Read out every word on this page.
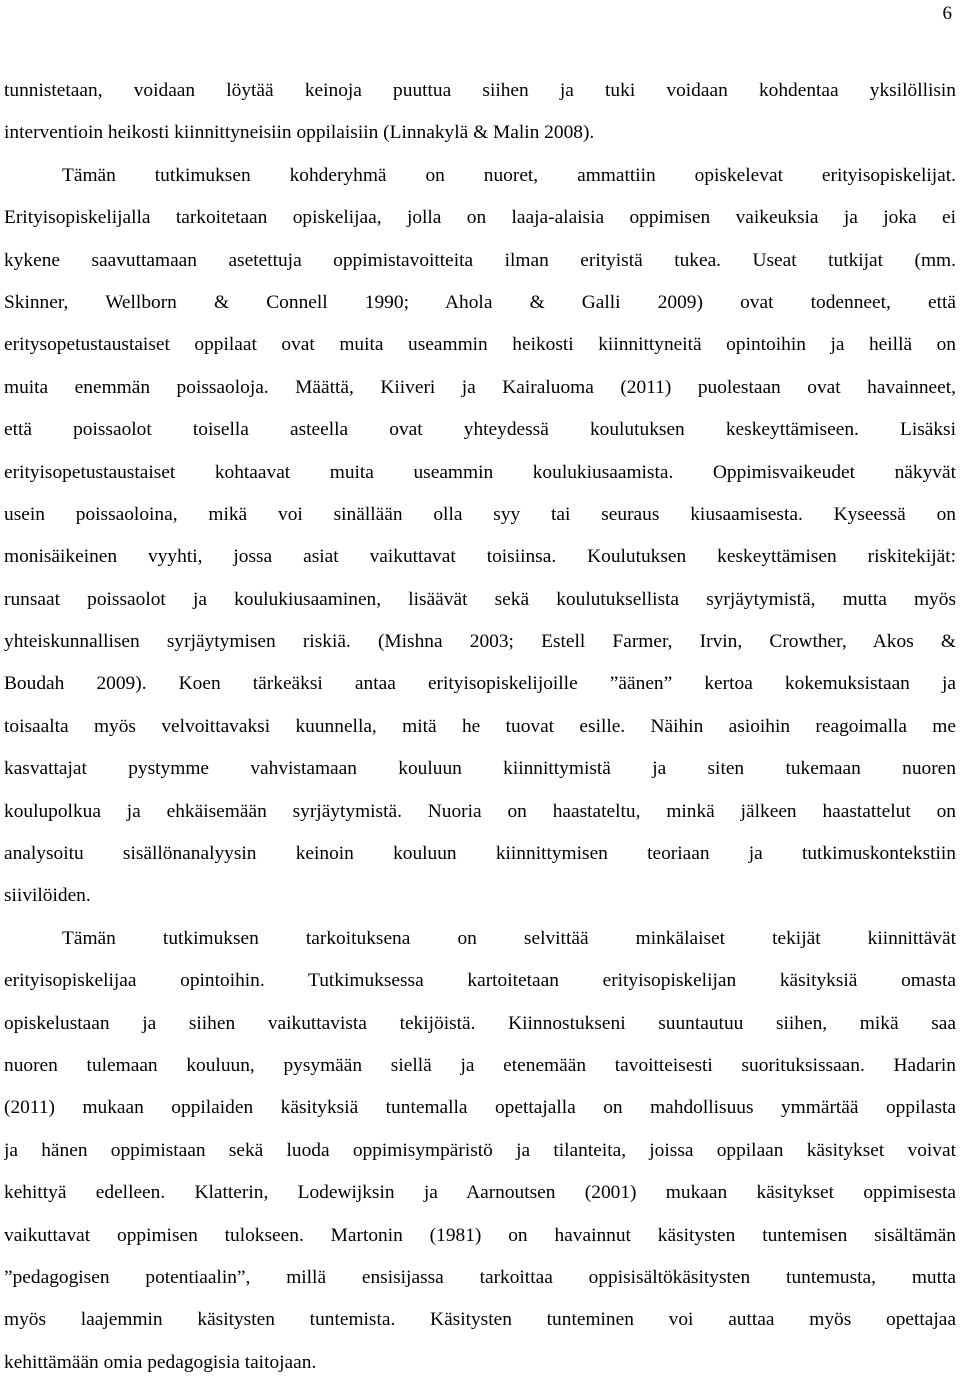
6
tunnistetaan, voidaan löytää keinoja puuttua siihen ja tuki voidaan kohdentaa yksilöllisin
interventioin heikosti kiinnittyneisiin oppilaisiin (Linnakylä & Malin 2008).
Tämän tutkimuksen kohderyhmä on nuoret, ammattiin opiskelevat erityisopiskelijat.
Erityisopiskelijalla tarkoitetaan opiskelijaa, jolla on laaja-alaisia oppimisen vaikeuksia ja joka ei
kykene saavuttamaan asetettuja oppimistavoitteita ilman erityistä tukea. Useat tutkijat (mm.
Skinner, Wellborn & Connell 1990; Ahola & Galli 2009) ovat todenneet, että
eritysopetustaustaiset oppilaat ovat muita useammin heikosti kiinnittyneitä opintoihin ja heillä on
muita enemmän poissaoloja. Määttä, Kiiveri ja Kairaluoma (2011) puolestaan ovat havainneet,
että poissaolot toisella asteella ovat yhteydessä koulutuksen keskeyttämiseen. Lisäksi
erityisopetustaustaiset kohtaavat muita useammin koulukiusaamista. Oppimisvaikeudet näkyvät
usein poissaoloina, mikä voi sinällään olla syy tai seuraus kiusaamisesta. Kyseessä on
monisäikeinen vyyhti, jossa asiat vaikuttavat toisiinsa. Koulutuksen keskeyttämisen riskitekijät:
runsaat poissaolot ja koulukiusaaminen, lisäävät sekä koulutuksellista syrjäytymistä, mutta myös
yhteiskunnallisen syrjäytymisen riskiä. (Mishna 2003; Estell Farmer, Irvin, Crowther, Akos &
Boudah 2009). Koen tärkeäksi antaa erityisopiskelijoille ”äänen” kertoa kokemuksistaan ja
toisaalta myös velvoittavaksi kuunnella, mitä he tuovat esille. Näihin asioihin reagoimalla me
kasvattajat pystymme vahvistamaan kouluun kiinnittymistä ja siten tukemaan nuoren
koulupolkua ja ehkäisemään syrjäytymistä. Nuoria on haastateltu, minkä jälkeen haastattelut on
analysoitu sisällönanalyysin keinoin kouluun kiinnittymisen teoriaan ja tutkimuskontekstiin
siivilöiden.
Tämän tutkimuksen tarkoituksena on selvittää minkälaiset tekijät kiinnittävät
erityisopiskelijaa opintoihin. Tutkimuksessa kartoitetaan erityisopiskelijan käsityksiä omasta
opiskelustaan ja siihen vaikuttavista tekijöistä. Kiinnostukseni suuntautuu siihen, mikä saa
nuoren tulemaan kouluun, pysymään siellä ja etenemään tavoitteisesti suorituksissaan. Hadarin
(2011) mukaan oppilaiden käsityksiä tuntemalla opettajalla on mahdollisuus ymmärtää oppilasta
ja hänen oppimistaan sekä luoda oppimisympäristö ja tilanteita, joissa oppilaan käsitykset voivat
kehittyä edelleen. Klatterin, Lodewijksin ja Aarnoutsen (2001) mukaan käsitykset oppimisesta
vaikuttavat oppimisen tulokseen. Martonin (1981) on havainnut käsitysten tuntemisen sisältämän
”pedagogisen potentiaalin”, millä ensisijassa tarkoittaa oppisisältökäsitysten tuntemusta, mutta
myös laajemmin käsitysten tuntemista. Käsitysten tunteminen voi auttaa myös opettajaa
kehittämään omia pedagogisia taitojaan.
